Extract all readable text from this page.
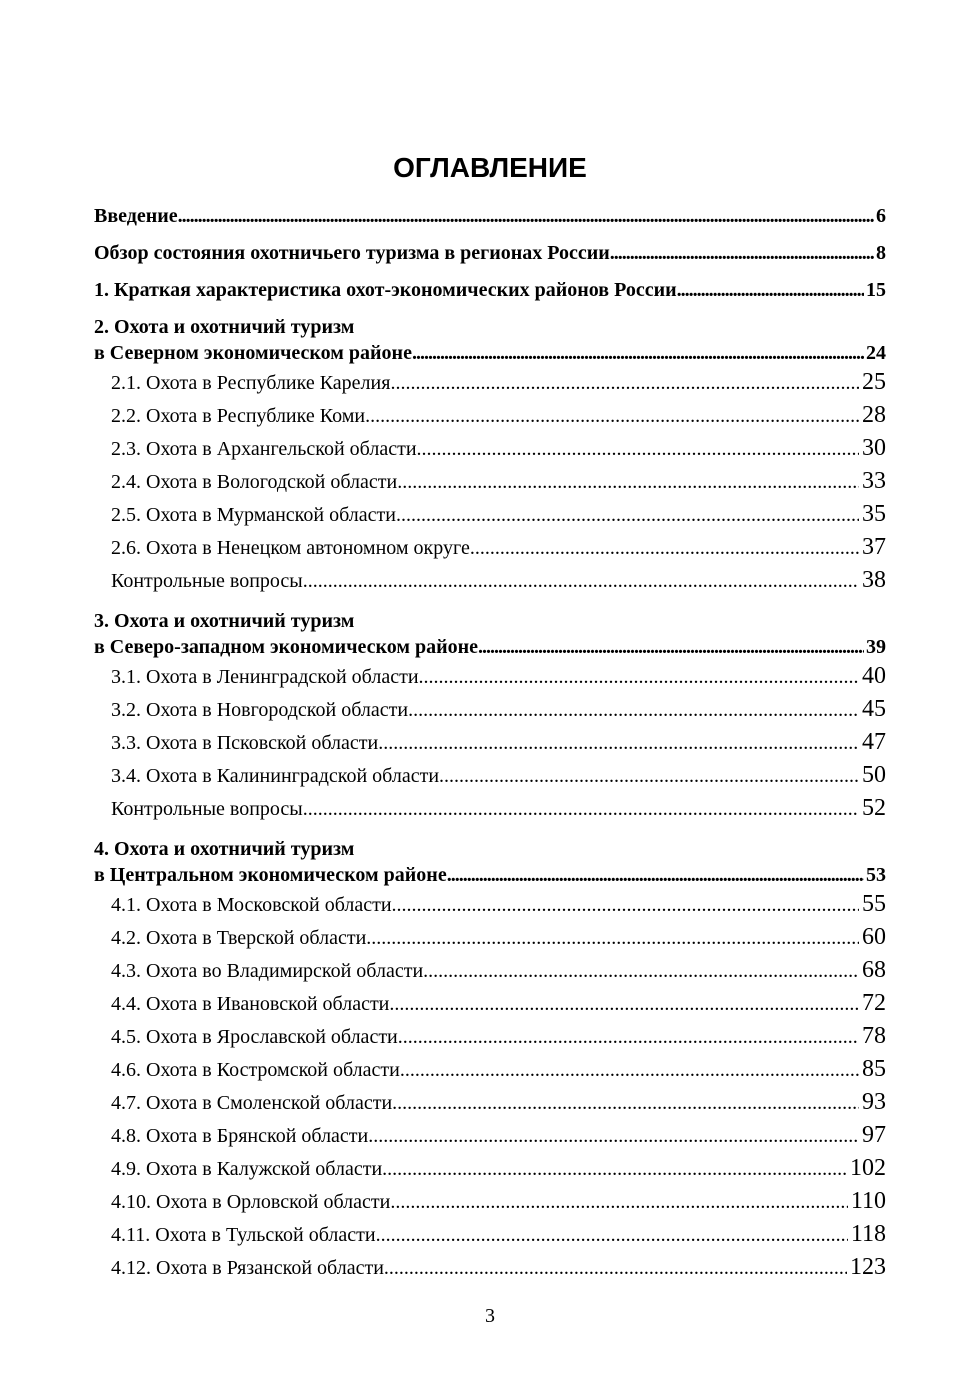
ОГЛАВЛЕНИЕ
Введение .....	6
Обзор состояния охотничьего туризма в регионах России .....	8
1. Краткая характеристика охот-экономических районов России .....	15
2. Охота и охотничий туризм
в Северном экономическом районе .....	24
2.1. Охота в Республике Карелия .....	25
2.2. Охота в Республике Коми .....	28
2.3. Охота в Архангельской области .....	30
2.4. Охота в Вологодской области .....	33
2.5. Охота в Мурманской области .....	35
2.6. Охота в Ненецком автономном округе .....	37
Контрольные вопросы .....	38
3. Охота и охотничий туризм
в Северо-западном экономическом районе .....	39
3.1. Охота в Ленинградской области .....	40
3.2. Охота в Новгородской области .....	45
3.3. Охота в Псковской области .....	47
3.4. Охота в Калининградской области .....	50
Контрольные вопросы .....	52
4. Охота и охотничий туризм
в Центральном экономическом районе .....	53
4.1. Охота в Московской области .....	55
4.2. Охота в Тверской области .....	60
4.3. Охота во Владимирской области .....	68
4.4. Охота в Ивановской области .....	72
4.5. Охота в Ярославской области .....	78
4.6. Охота в Костромской области .....	85
4.7. Охота в Смоленской области .....	93
4.8. Охота в Брянской области .....	97
4.9. Охота в Калужской области .....	102
4.10. Охота в Орловской области .....	110
4.11. Охота в Тульской области .....	118
4.12. Охота в Рязанской области .....	123
3
